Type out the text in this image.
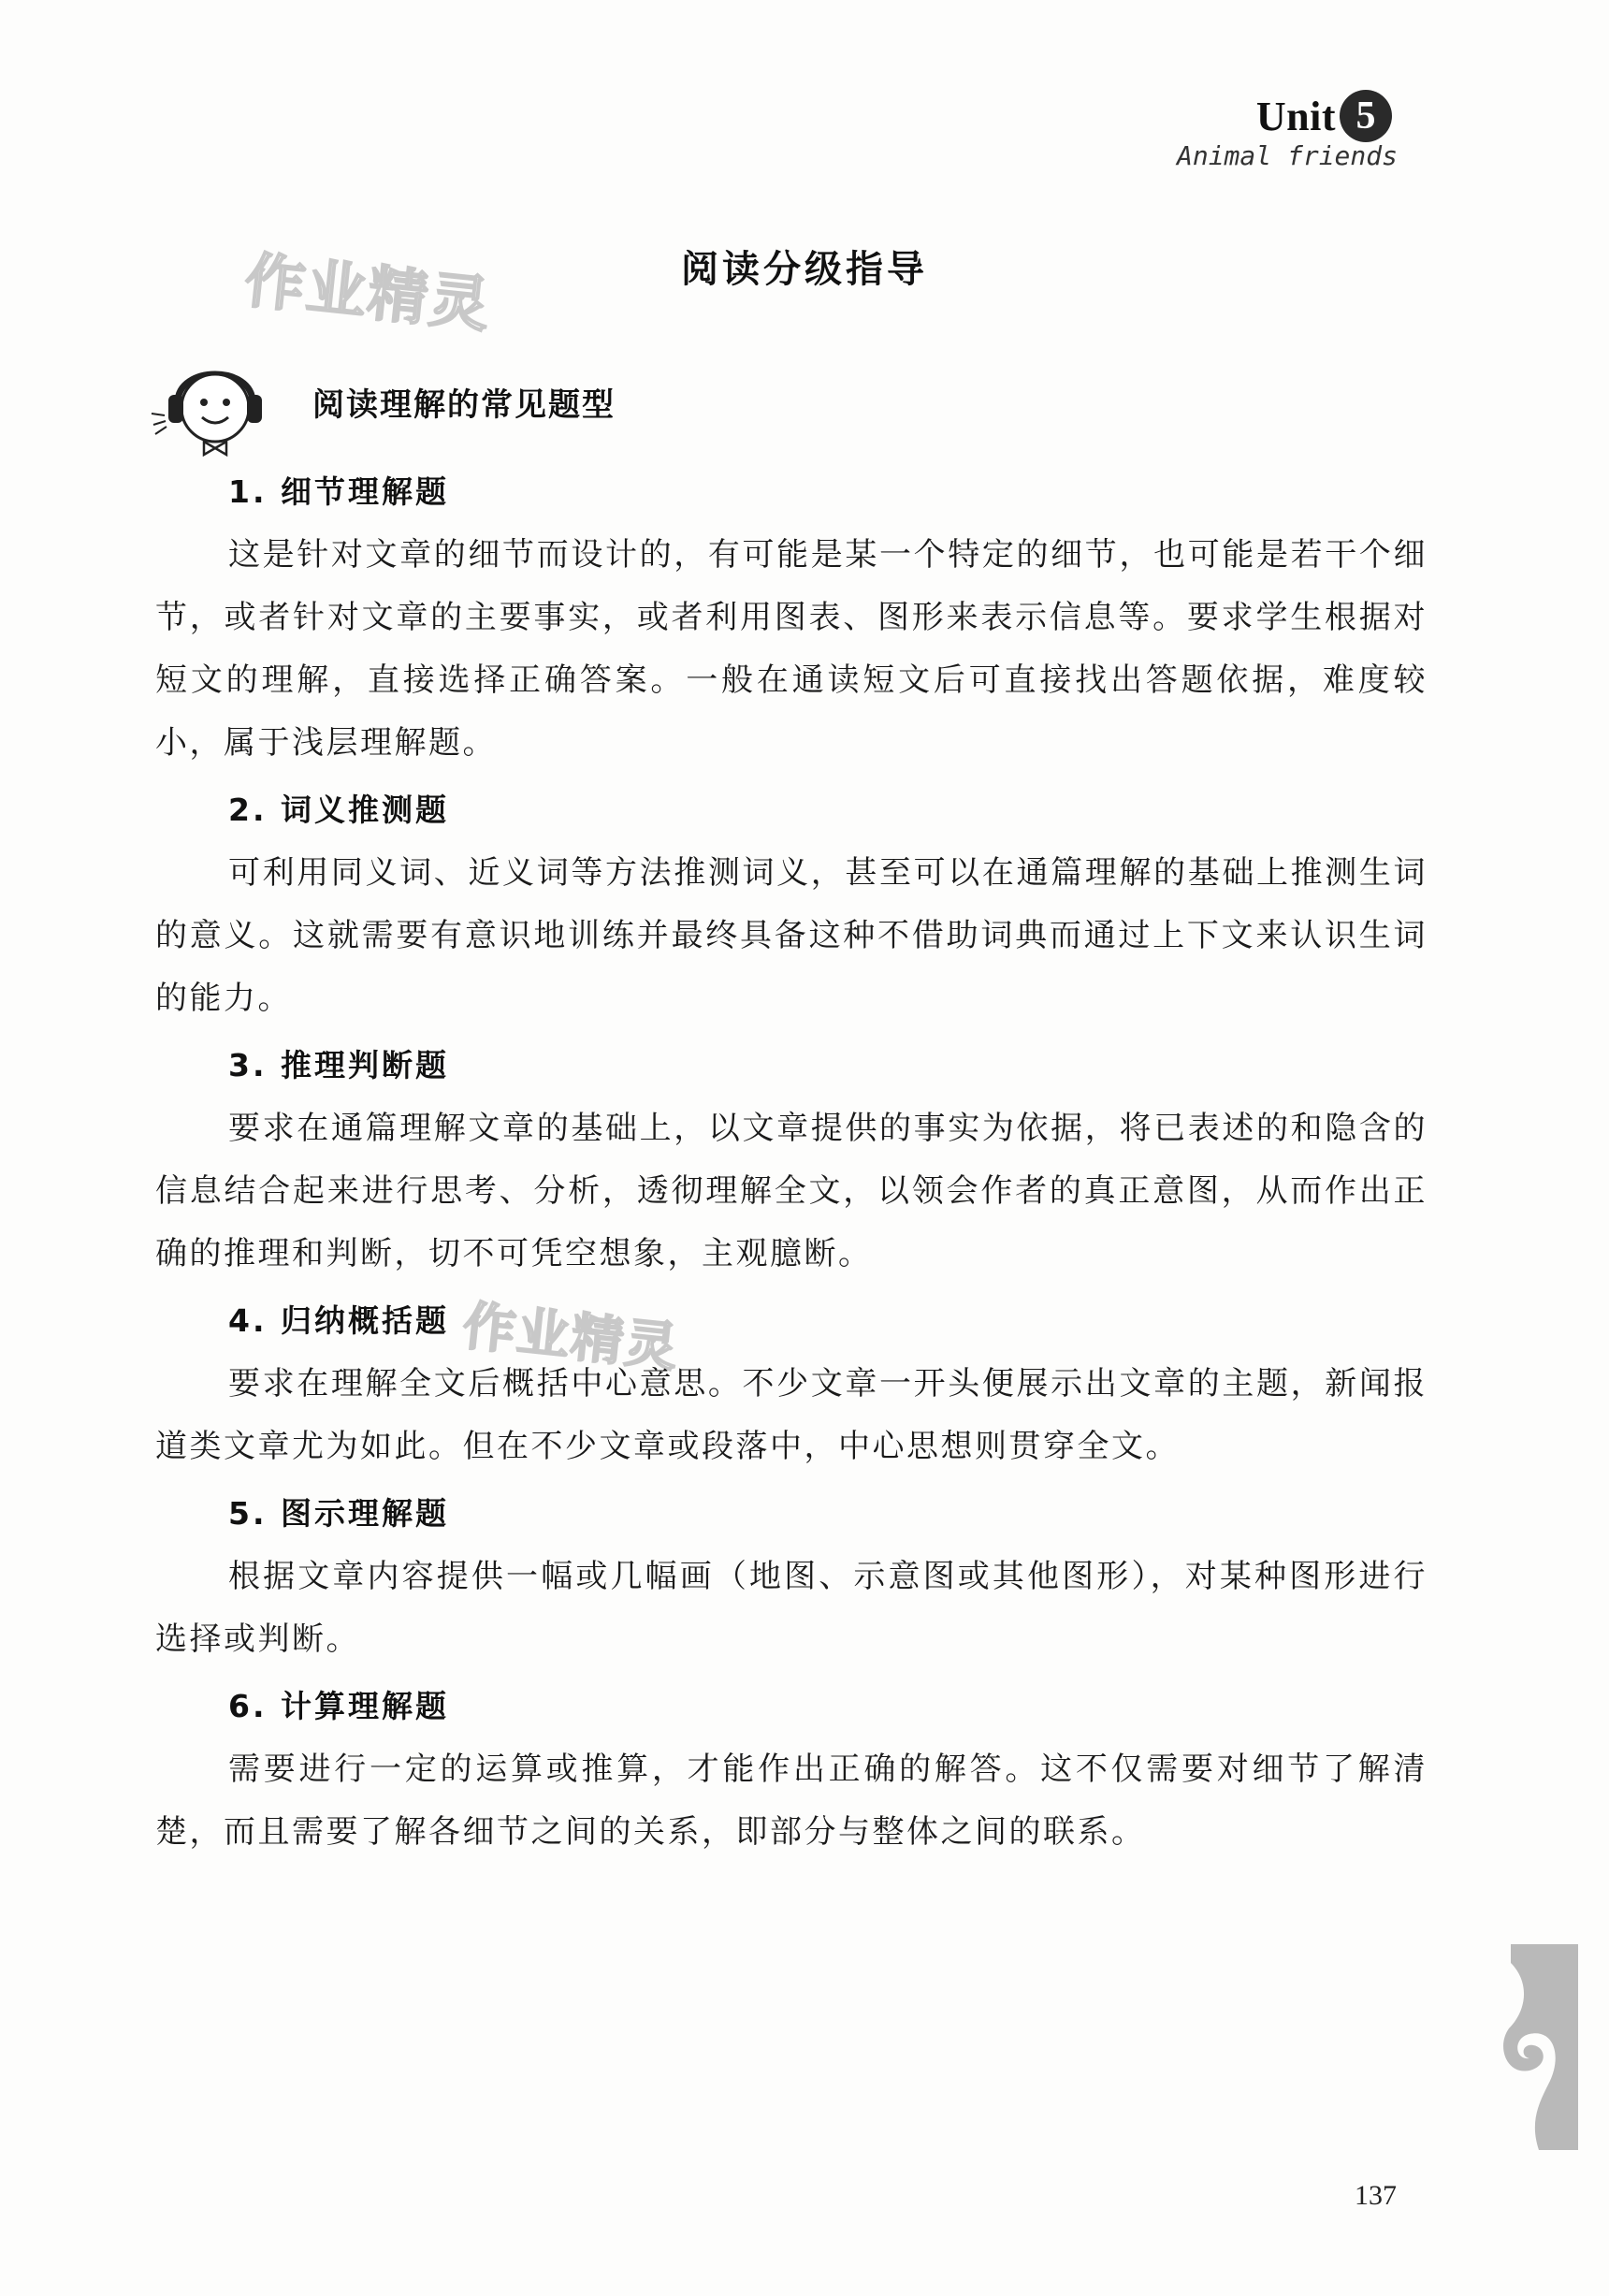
Unit 5
Animal friends
作业精灵
作业精灵
阅读分级指导
阅读理解的常见题型
1. 细节理解题

这是针对文章的细节而设计的，有可能是某一个特定的细节，也可能是若干个细节，或者针对文章的主要事实，或者利用图表、图形来表示信息等。要求学生根据对短文的理解，直接选择正确答案。一般在通读短文后可直接找出答题依据，难度较小，属于浅层理解题。

2. 词义推测题

可利用同义词、近义词等方法推测词义，甚至可以在通篇理解的基础上推测生词的意义。这就需要有意识地训练并最终具备这种不借助词典而通过上下文来认识生词的能力。

3. 推理判断题

要求在通篇理解文章的基础上，以文章提供的事实为依据，将已表述的和隐含的信息结合起来进行思考、分析，透彻理解全文，以领会作者的真正意图，从而作出正确的推理和判断，切不可凭空想象，主观臆断。

4. 归纳概括题

要求在理解全文后概括中心意思。不少文章一开头便展示出文章的主题，新闻报道类文章尤为如此。但在不少文章或段落中，中心思想则贯穿全文。

5. 图示理解题

根据文章内容提供一幅或几幅画（地图、示意图或其他图形），对某种图形进行选择或判断。

6. 计算理解题

需要进行一定的运算或推算，才能作出正确的解答。这不仅需要对细节了解清楚，而且需要了解各细节之间的关系，即部分与整体之间的联系。

137
